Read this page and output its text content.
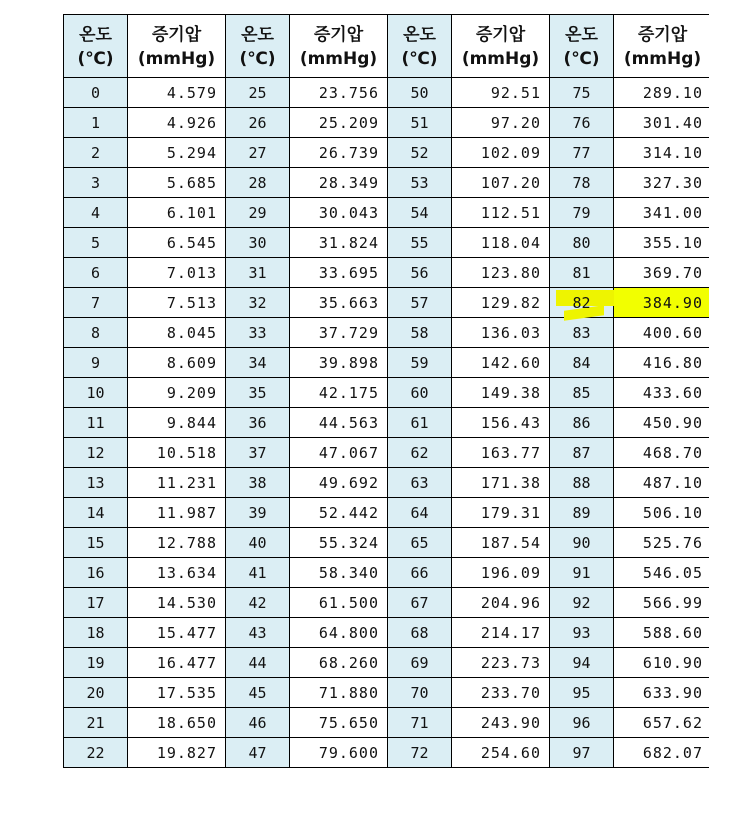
온도	증기압	온도	증기압	온도	증기압	온도	증기압
(℃)	(mmHg)	(℃)	(mmHg)	(℃)	(mmHg)	(℃)	(mmHg)
0	4.579	25	23.756	50	92.51	75	289.10
1	4.926	26	25.209	51	97.20	76	301.40
2	5.294	27	26.739	52	102.09	77	314.10
3	5.685	28	28.349	53	107.20	78	327.30
4	6.101	29	30.043	54	112.51	79	341.00
5	6.545	30	31.824	55	118.04	80	355.10
6	7.013	31	33.695	56	123.80	81	369.70
7	7.513	32	35.663	57	129.82	82	384.90
8	8.045	33	37.729	58	136.03	83	400.60
9	8.609	34	39.898	59	142.60	84	416.80
10	9.209	35	42.175	60	149.38	85	433.60
11	9.844	36	44.563	61	156.43	86	450.90
12	10.518	37	47.067	62	163.77	87	468.70
13	11.231	38	49.692	63	171.38	88	487.10
14	11.987	39	52.442	64	179.31	89	506.10
15	12.788	40	55.324	65	187.54	90	525.76
16	13.634	41	58.340	66	196.09	91	546.05
17	14.530	42	61.500	67	204.96	92	566.99
18	15.477	43	64.800	68	214.17	93	588.60
19	16.477	44	68.260	69	223.73	94	610.90
20	17.535	45	71.880	70	233.70	95	633.90
21	18.650	46	75.650	71	243.90	96	657.62
22	19.827	47	79.600	72	254.60	97	682.07
